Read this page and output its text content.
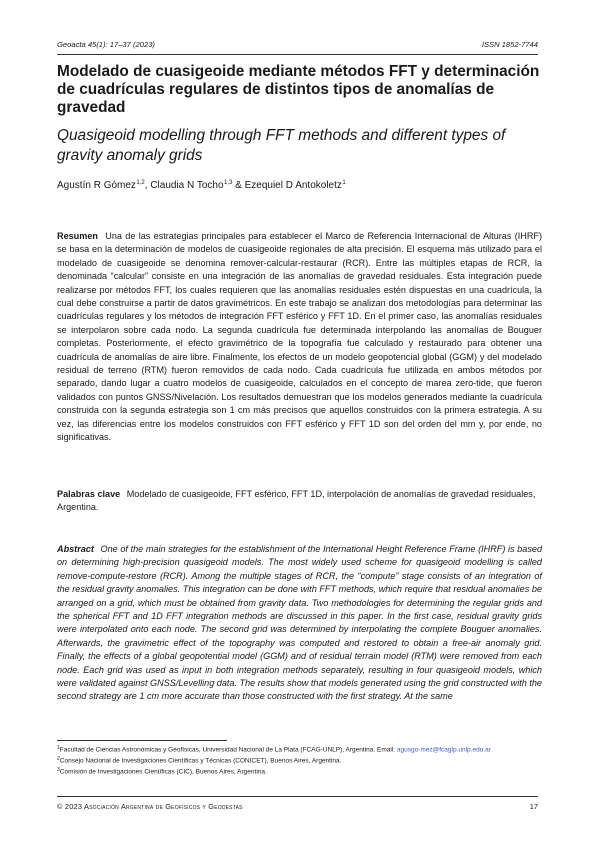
Geoacta 45(1): 17–37 (2023)	ISSN 1852-7744
Modelado de cuasigeoide mediante métodos FFT y determinación de cuadrículas regulares de distintos tipos de anomalías de gravedad
Quasigeoid modelling through FFT methods and different types of gravity anomaly grids
Agustín R Gómez$^{1,2}$, Claudia N Tocho$^{1,3}$ & Ezequiel D Antokoletz$^1$

Resumen Una de las estrategias principales para establecer el Marco de Referencia Internacional de Alturas (IHRF) se basa en la determinación de modelos de cuasigeoide regionales de alta precisión. El esquema más utilizado para el modelado de cuasigeoide se denomina remover-calcular-restaurar (RCR). Entre las múltiples etapas de RCR, la denominada “calcular” consiste en una integración de las anomalías de gravedad residuales. Esta integración puede realizarse por métodos FFT, los cuales requieren que las anomalías residuales estén dispuestas en una cuadrícula, la cual debe construirse a partir de datos gravimétricos. En este trabajo se analizan dos metodologías para determinar las cuadrículas regulares y los métodos de integración FFT esférico y FFT 1D. En el primer caso, las anomalías residuales se interpolaron sobre cada nodo. La segunda cuadrícula fue determinada interpolando las anomalías de Bouguer completas. Posteriormente, el efecto gravimétrico de la topografía fue calculado y restaurado para obtener una cuadrícula de anomalías de aire libre. Finalmente, los efectos de un modelo geopotencial global (GGM) y del modelado residual de terreno (RTM) fueron removidos de cada nodo. Cada cuadrícula fue utilizada en ambos métodos por separado, dando lugar a cuatro modelos de cuasigeoide, calculados en el concepto de marea zero-tide, que fueron validados con puntos GNSS/Nivelación. Los resultados demuestran que los modelos generados mediante la cuadrícula construida con la segunda estrategia son 1 cm más precisos que aquellos construidos con la primera estrategia. A su vez, las diferencias entre los modelos construidos con FFT esférico y FFT 1D son del orden del mm y, por ende, no significativas.

Palabras clave Modelado de cuasigeoide, FFT esférico, FFT 1D, interpolación de anomalías de gravedad residuales, Argentina.

Abstract One of the main strategies for the establishment of the International Height Reference Frame (IHRF) is based on determining high-precision quasigeoid models. The most widely used scheme for quasigeoid modelling is called remove-compute-restore (RCR). Among the multiple stages of RCR, the “compute” stage consists of an integration of the residual gravity anomalies. This integration can be done with FFT methods, which require that residual anomalies be arranged on a grid, which must be obtained from gravity data. Two methodologies for determining the regular grids and the spherical FFT and 1D FFT integration methods are discussed in this paper. In the first case, residual gravity grids were interpolated onto each node. The second grid was determined by interpolating the complete Bouguer anomalies. Afterwards, the gravimetric effect of the topography was computed and restored to obtain a free-air anomaly grid. Finally, the effects of a global geopotential model (GGM) and of residual terrain model (RTM) were removed from each node. Each grid was used as input in both integration methods separately, resulting in four quasigeoid models, which were validated against GNSS/Levelling data. The results show that models generated using the grid constructed with the second strategy are 1 cm more accurate than those constructed with the first strategy. At the same

$^1$Facultad de Ciencias Astronómicas y Geofísicas, Universidad Nacional de La Plata (FCAG-UNLP), Argentina. Email: agusgo-mez@fcaglp.unlp.edu.ar

$^2$Consejo Nacional de Investigaciones Científicas y Técnicas (CONICET), Buenos Aires, Argentina.

$^3$Comisión de Investigaciones Científicas (CIC), Buenos Aires, Argentina.

© 2023 Asociación Argentina de Geofísicos y Geodestas	17
